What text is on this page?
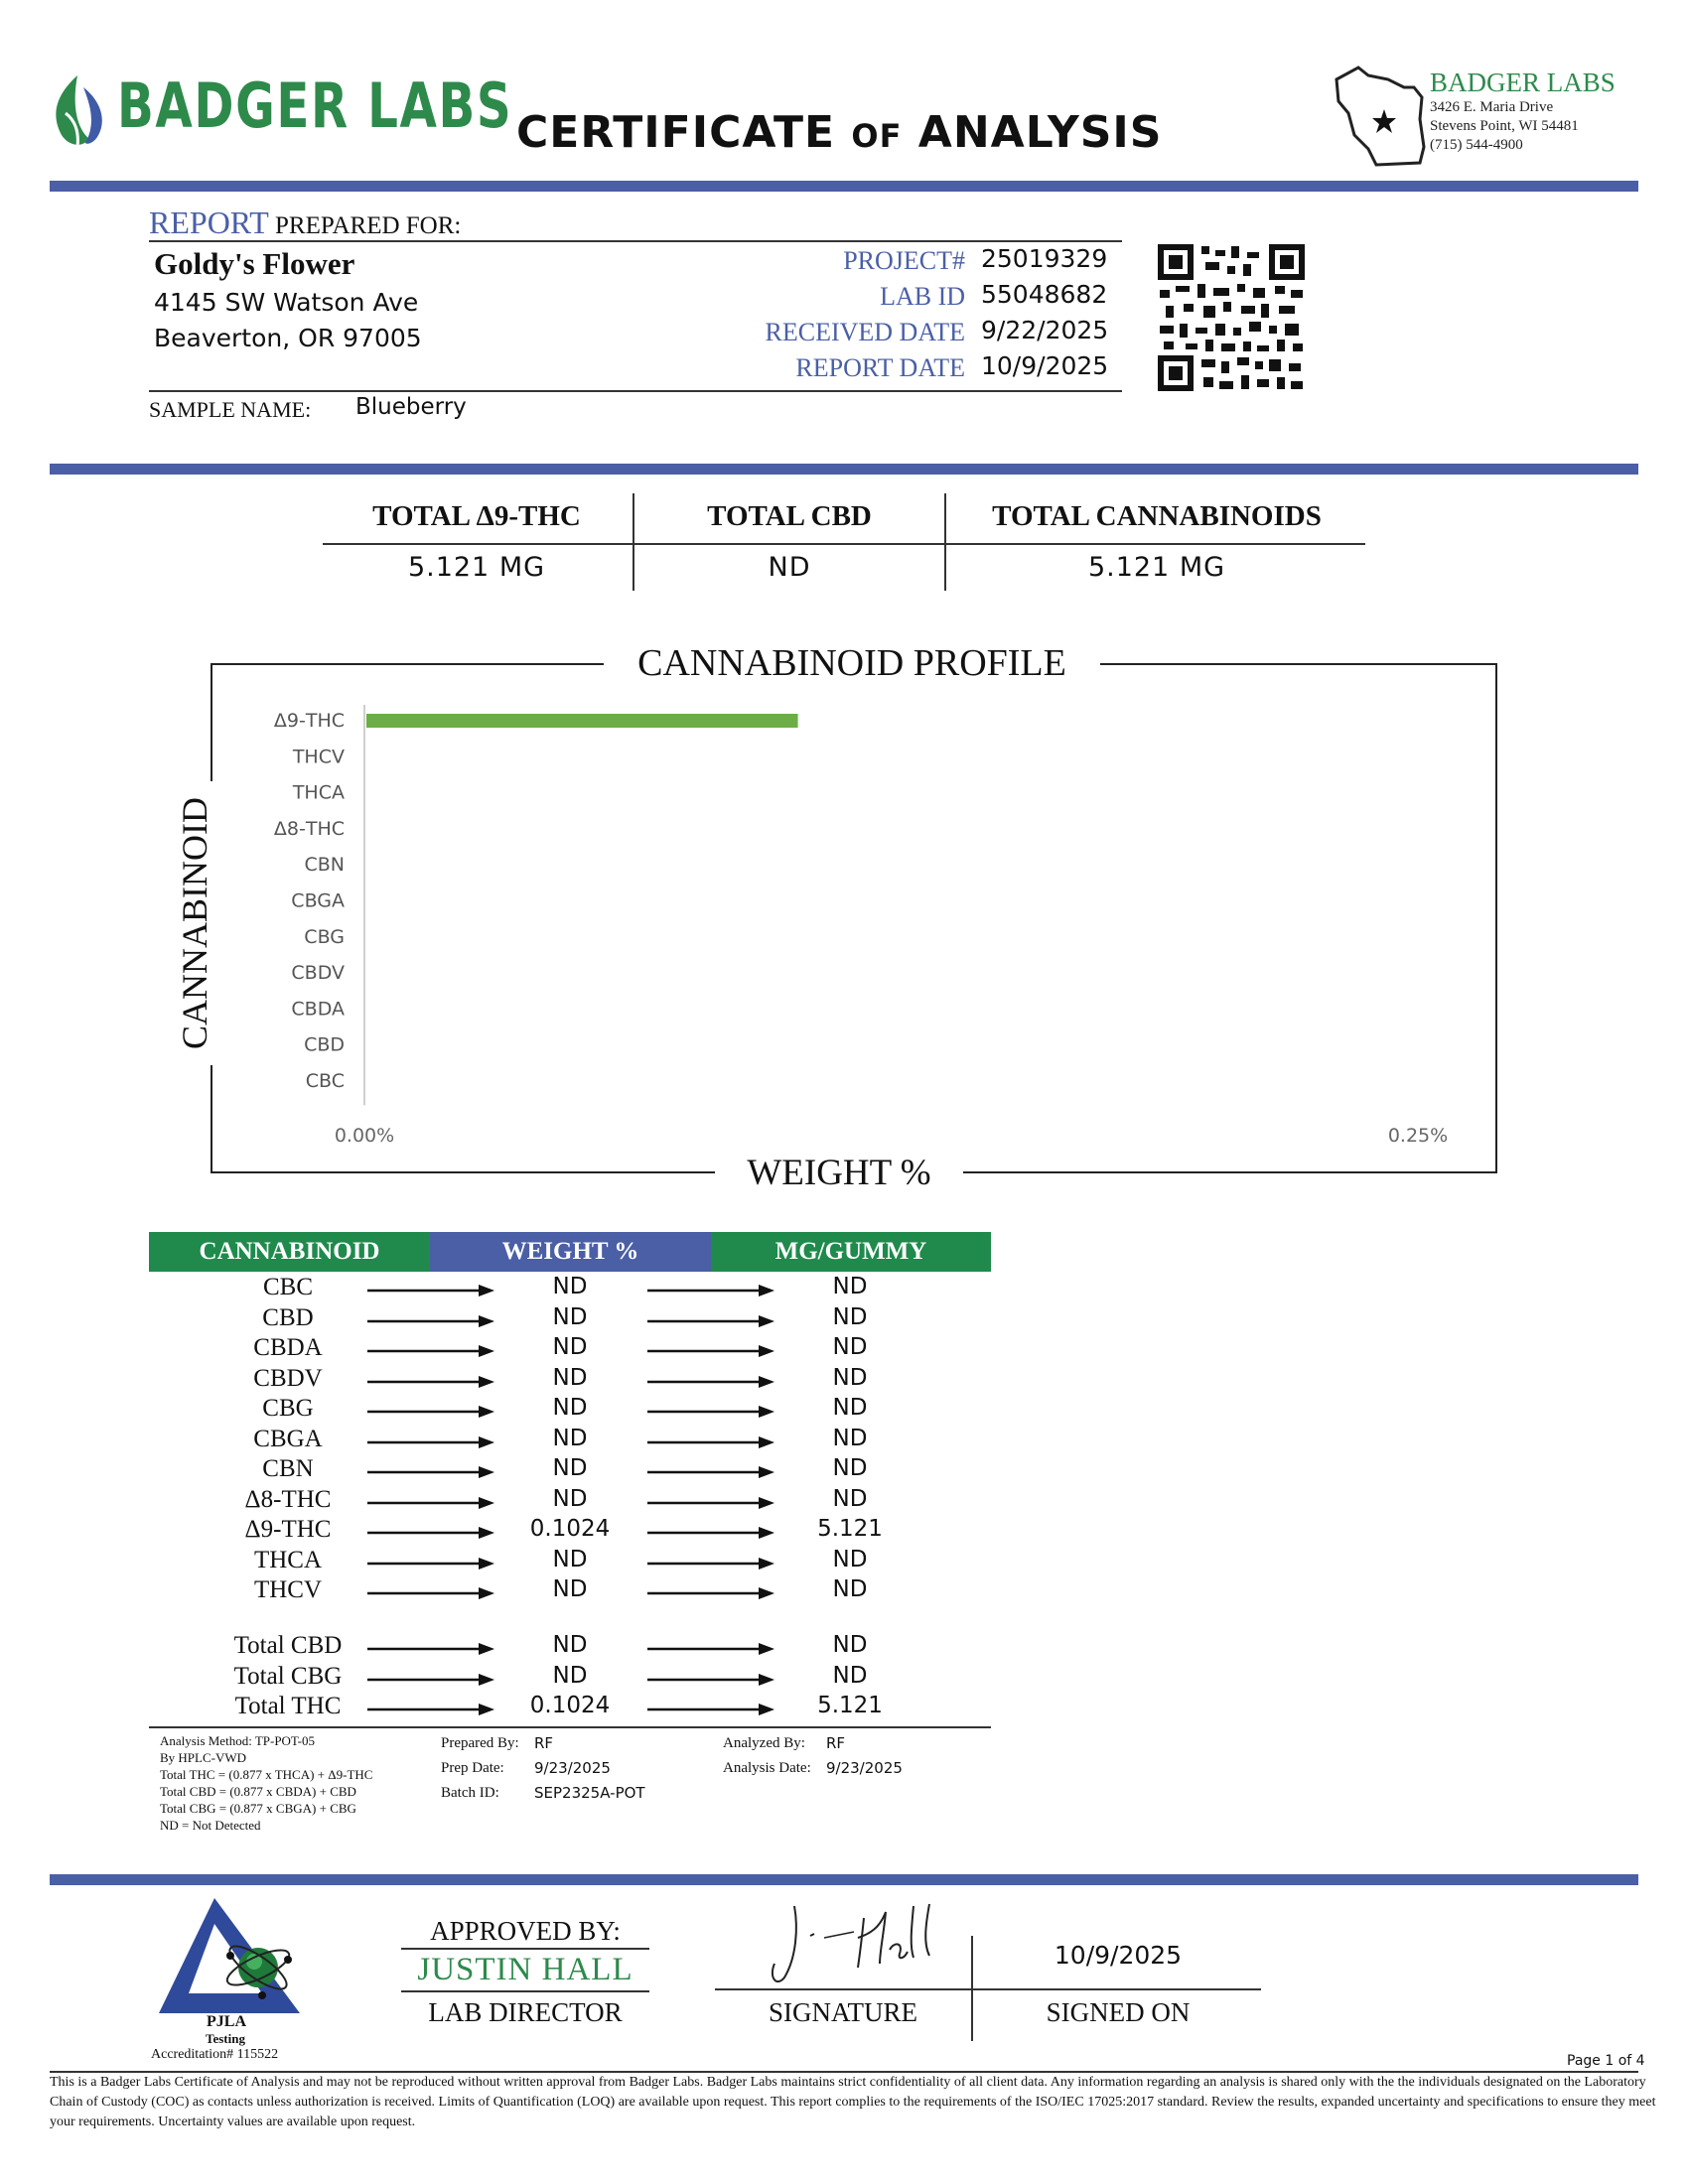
BADGER LABS CERTIFICATE OF ANALYSIS
BADGER LABS
3426 E. Maria Drive
Stevens Point, WI 54481
(715) 544-4900
REPORT PREPARED FOR:
Goldy's Flower
4145 SW Watson Ave
Beaverton, OR 97005
PROJECT# 25019329
LAB ID 55048682
RECEIVED DATE 9/22/2025
REPORT DATE 10/9/2025
SAMPLE NAME: Blueberry
TOTAL Δ9-THC	TOTAL CBD	TOTAL CANNABINOIDS
5.121 MG	ND	5.121 MG
Δ9-THC
THCV
THCA
Δ8-THC
CBN
CBGA
CBG
CBDV
CBDA
CBD
CBC
0.00%	0.25%
CANNABINOID PROFILE
WEIGHT %
CANNABINOID
CANNABINOID	WEIGHT %	MG/GUMMY
CBC	ND	ND
CBD	ND	ND
CBDA	ND	ND
CBDV	ND	ND
CBG	ND	ND
CBGA	ND	ND
CBN	ND	ND
Δ8-THC	ND	ND
Δ9-THC	0.1024	5.121
THCA	ND	ND
THCV	ND	ND
Total CBD	ND	ND
Total CBG	ND	ND
Total THC	0.1024	5.121
Analysis Method: TP-POT-05
By HPLC-VWD
Total THC = (0.877 x THCA) + Δ9-THC
Total CBD = (0.877 x CBDA) + CBD
Total CBG = (0.877 x CBGA) + CBG
ND = Not Detected
Prepared By: RF
Prep Date: 9/23/2025
Batch ID: SEP2325A-POT
Analyzed By: RF
Analysis Date: 9/23/2025
PJLA
Testing
Accreditation# 115522
APPROVED BY:
JUSTIN HALL
LAB DIRECTOR	SIGNATURE
10/9/2025
SIGNED ON
Page 1 of 4
This is a Badger Labs Certificate of Analysis and may not be reproduced without written approval from Badger Labs. Badger Labs maintains strict confidentiality of all client data. Any information regarding an analysis is shared only with the the individuals designated on the Laboratory Chain of Custody (COC) as contacts unless authorization is received. Limits of Quantification (LOQ) are available upon request. This report complies to the requirements of the ISO/IEC 17025:2017 standard. Review the results, expanded uncertainty and specifications to ensure they meet your requirements. Uncertainty values are available upon request.
